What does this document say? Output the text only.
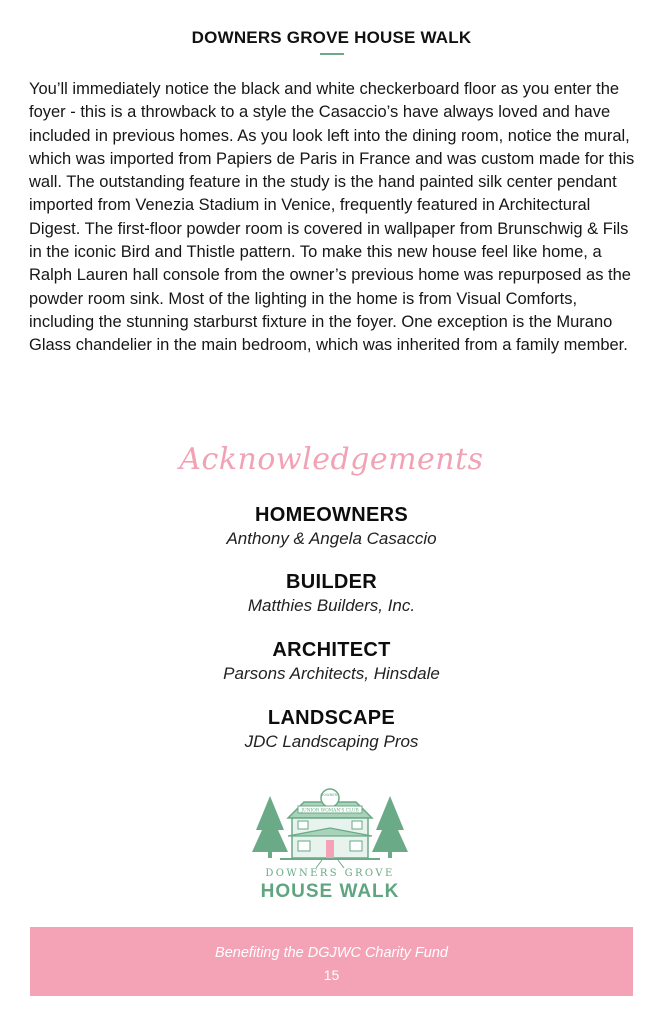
DOWNERS GROVE HOUSE WALK

You’ll immediately notice the black and white checkerboard floor as you enter the foyer - this is a throwback to a style the Casaccio’s have always loved and have included in previous homes. As you look left into the dining room, notice the mural, which was imported from Papiers de Paris in France and was custom made for this wall. The outstanding feature in the study is the hand painted silk center pendant imported from Venezia Stadium in Venice, frequently featured in Architectural Digest. The first-floor powder room is covered in wallpaper from Brunschwig & Fils in the iconic Bird and Thistle pattern. To make this new house feel like home, a Ralph Lauren hall console from the owner’s previous home was repurposed as the powder room sink. Most of the lighting in the home is from Visual Comforts, including the stunning starburst fixture in the foyer. One exception is the Murano Glass chandelier in the main bedroom, which was inherited from a family member.

Acknowledgements
HOMEOWNERS
Anthony & Angela Casaccio
BUILDER
Matthies Builders, Inc.
ARCHITECT
Parsons Architects, Hinsdale
LANDSCAPE
JDC Landscaping Pros
DOWNERS
JUNIOR WOMAN'S CLUB
DOWNERS GROVE
HOUSE WALK
Benefiting the DGJWC Charity Fund
15
